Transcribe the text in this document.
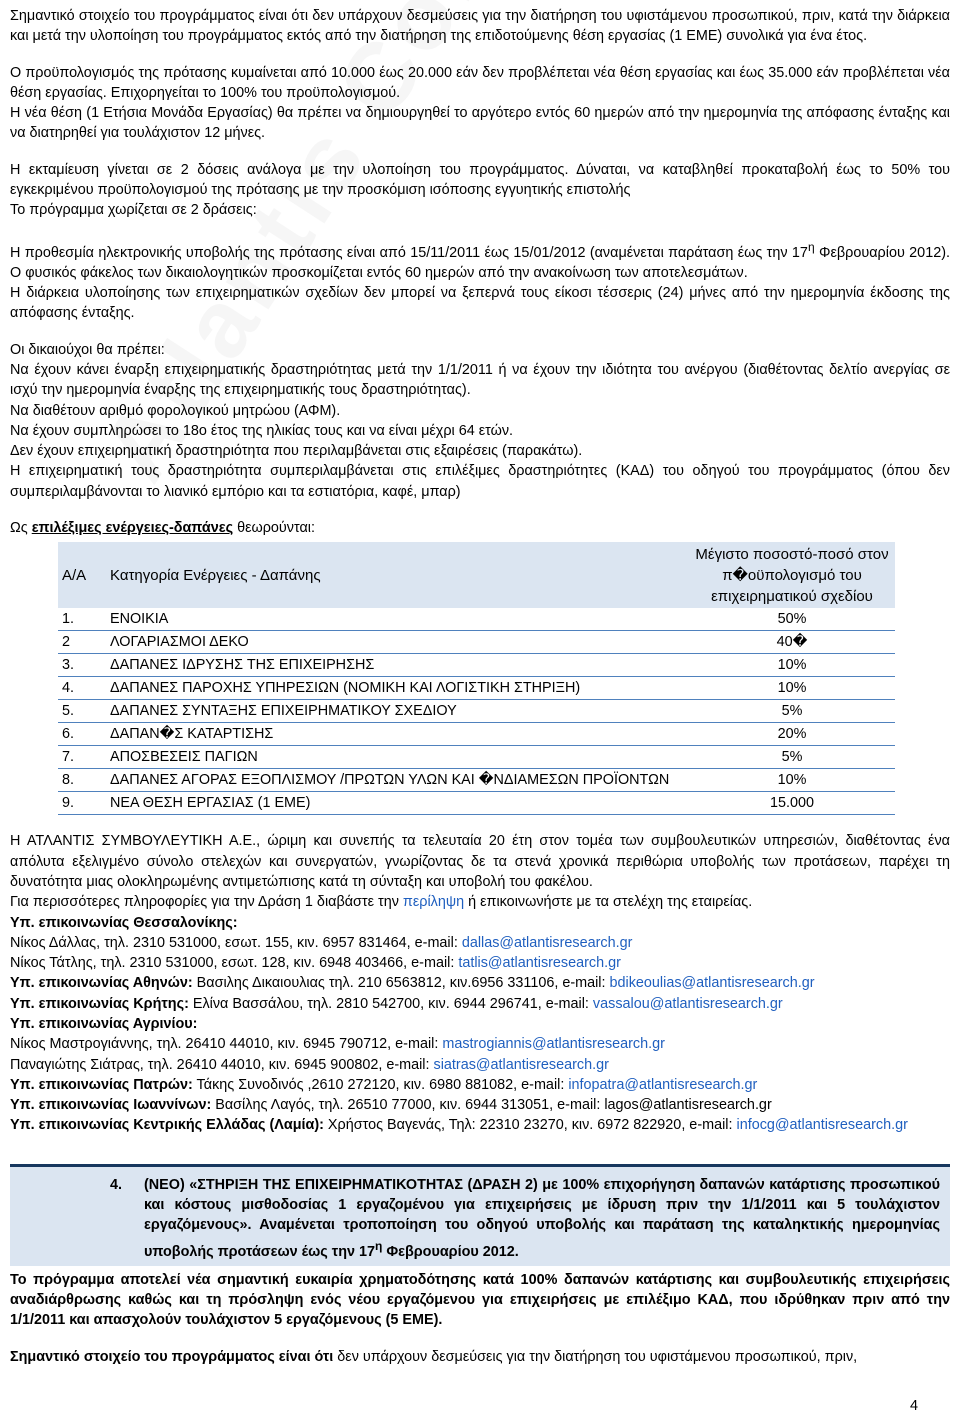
Σημαντικό στοιχείο του προγράμματος είναι ότι δεν υπάρχουν δεσμεύσεις για την διατήρηση του υφιστάμενου προσωπικού, πριν, κατά την διάρκεια και μετά την υλοποίηση του προγράμματος εκτός από την διατήρηση της επιδοτούμενης θέση εργασίας (1 ΕΜΕ) συνολικά για ένα έτος.

Ο προϋπολογισμός της πρότασης κυμαίνεται από 10.000 έως 20.000 εάν δεν προβλέπεται νέα θέση εργασίας και έως 35.000 εάν προβλέπεται νέα θέση εργασίας. Επιχορηγείται το 100% του προϋπολογισμού.

Η νέα θέση (1 Ετήσια Μονάδα Εργασίας) θα πρέπει να δημιουργηθεί το αργότερο εντός 60 ημερών από την ημερομηνία της απόφασης ένταξης και να διατηρηθεί για τουλάχιστον 12 μήνες.

Η εκταμίευση γίνεται σε 2 δόσεις ανάλογα με την υλοποίηση του προγράμματος. Δύναται, να καταβληθεί προκαταβολή έως το 50% του εγκεκριμένου προϋπολογισμού της πρότασης με την προσκόμιση ισόποσης εγγυητικής επιστολής

Το πρόγραμμα χωρίζεται σε 2 δράσεις:

Η προθεσμία ηλεκτρονικής υποβολής της πρότασης είναι από 15/11/2011 έως 15/01/2012 (αναμένεται παράταση έως την $17^\eta$ Φεβρουαρίου 2012). Ο φυσικός φάκελος των δικαιολογητικών προσκομίζεται εντός 60 ημερών από την ανακοίνωση των αποτελεσμάτων.

Η διάρκεια υλοποίησης των επιχειρηματικών σχεδίων δεν μπορεί να ξεπερνά τους είκοσι τέσσερις (24) μήνες από την ημερομηνία έκδοσης της απόφασης ένταξης.

Οι δικαιούχοι θα πρέπει:

Να έχουν κάνει έναρξη επιχειρηματικής δραστηριότητας μετά την 1/1/2011 ή να έχουν την ιδιότητα του ανέργου (διαθέτοντας δελτίο ανεργίας σε ισχύ την ημερομηνία έναρξης της επιχειρηματικής τους δραστηριότητας).

Να διαθέτουν αριθμό φορολογικού μητρώου (ΑΦΜ).

Να έχουν συμπληρώσει το 18ο έτος της ηλικίας τους και να είναι μέχρι 64 ετών.

Δεν έχουν επιχειρηματική δραστηριότητα που περιλαμβάνεται στις εξαιρέσεις (παρακάτω).

Η επιχειρηματική τους δραστηριότητα συμπεριλαμβάνεται στις επιλέξιμες δραστηριότητες (ΚΑΔ) του οδηγού του προγράμματος (όπου δεν συμπεριλαμβάνονται το λιανικό εμπόριο και τα εστιατόρια, καφέ, μπαρ)

Ως επιλέξιμες ενέργειες-δαπάνες θεωρούνται:

Α/Α	Κατηγορία Ενέργειες - Δαπάνης	Μέγιστο ποσοστό-ποσό στον π�οϋπολογισμό του επιχειρηματικού σχεδίου
1.	ΕΝΟΙΚΙΑ	50%
2	ΛΟΓΑΡΙΑΣΜΟΙ ΔΕΚΟ	40�
3.	ΔΑΠΑΝΕΣ ΙΔΡΥΣΗΣ ΤΗΣ ΕΠΙΧΕΙΡΗΣΗΣ	10%
4.	ΔΑΠΑΝΕΣ ΠΑΡΟΧΗΣ ΥΠΗΡΕΣΙΩΝ (ΝΟΜΙΚΗ ΚΑΙ ΛΟΓΙΣΤΙΚΗ ΣΤΗΡΙΞΗ)	10%
5.	ΔΑΠΑΝΕΣ ΣΥΝΤΑΞΗΣ ΕΠΙΧΕΙΡΗΜΑΤΙΚΟΥ ΣΧΕΔΙΟΥ	5%
6.	ΔΑΠΑΝ�Σ ΚΑΤΑΡΤΙΣΗΣ	20%
7.	ΑΠΟΣΒΕΣΕΙΣ ΠΑΓΙΩΝ	5%
8.	ΔΑΠΑΝΕΣ ΑΓΟΡΑΣ ΕΞΟΠΛΙΣΜΟΥ /ΠΡΩΤΩΝ ΥΛΩΝ ΚΑΙ �ΝΔΙΑΜΕΣΩΝ ΠΡΟΪΟΝΤΩΝ	10%
9.	ΝΕΑ ΘΕΣΗ ΕΡΓΑΣΙΑΣ (1 ΕΜΕ)	15.000

Η ΑΤΛΑΝΤΙΣ ΣΥΜΒΟΥΛΕΥΤΙΚΗ Α.Ε., ώριμη και συνεπής τα τελευταία 20 έτη στον τομέα των συμβουλευτικών υπηρεσιών, διαθέτοντας ένα απόλυτα εξελιγμένο σύνολο στελεχών και συνεργατών, γνωρίζοντας δε τα στενά χρονικά περιθώρια υποβολής των προτάσεων, παρέχει τη δυνατότητα μιας ολοκληρωμένης αντιμετώπισης κατά τη σύνταξη και υποβολή του φακέλου.

Για περισσότερες πληροφορίες για την Δράση 1 διαβάστε την περίληψη ή επικοινωνήστε με τα στελέχη της εταιρείας.

Υπ. επικοινωνίας Θεσσαλονίκης:

Νίκος Δάλλας, τηλ. 2310 531000, εσωτ. 155, κιν. 6957 831464, e-mail: dallas@atlantisresearch.gr

Νίκος Τάτλης, τηλ. 2310 531000, εσωτ. 128, κιν. 6948 403466, e-mail: tatlis@atlantisresearch.gr

Υπ. επικοινωνίας Αθηνών: Βασιλης Δικαιουλιας τηλ. 210 6563812, κιν.6956 331106, e-mail: bdikeoulias@atlantisresearch.gr

Υπ. επικοινωνίας Κρήτης: Ελίνα Βασσάλου, τηλ. 2810 542700, κιν. 6944 296741, e-mail: vassalou@atlantisresearch.gr

Υπ. επικοινωνίας Αγρινίου:

Νίκος Μαστρογιάννης, τηλ. 26410 44010, κιν. 6945 790712, e-mail: mastrogiannis@atlantisresearch.gr

Παναγιώτης Σιάτρας, τηλ. 26410 44010, κιν. 6945 900802, e-mail: siatras@atlantisresearch.gr

Υπ. επικοινωνίας Πατρών: Τάκης Συνοδινός ,2610 272120, κιν. 6980 881082, e-mail: infopatra@atlantisresearch.gr

Υπ. επικοινωνίας Ιωαννίνων: Βασίλης Λαγός, τηλ. 26510 77000, κιν. 6944 313051, e-mail: lagos@atlantisresearch.gr

Υπ. επικοινωνίας Κεντρικής Ελλάδας (Λαμία): Χρήστος Βαγενάς, Τηλ: 22310 23270, κιν. 6972 822920, e-mail: infocg@atlantisresearch.gr

4. (ΝΕΟ) «ΣΤΗΡΙΞΗ ΤΗΣ ΕΠΙΧΕΙΡΗΜΑΤΙΚΟΤΗΤΑΣ (ΔΡΑΣΗ 2) με 100% επιχορήγηση δαπανών κατάρτισης προσωπικού και κόστους μισθοδοσίας 1 εργαζομένου για επιχειρήσεις με ίδρυση πριν την 1/1/2011 και 5 τουλάχιστον εργαζόμενους». Αναμένεται τροποποίηση του οδηγού υποβολής και παράταση της καταληκτικής ημερομηνίας υποβολής προτάσεων έως την $17^\eta$ Φεβρουαρίου 2012.

Το πρόγραμμα αποτελεί νέα σημαντική ευκαιρία χρηματοδότησης κατά 100% δαπανών κατάρτισης και συμβουλευτικής επιχειρήσεις αναδιάρθρωσης καθώς και τη πρόσληψη ενός νέου εργαζόμενου για επιχειρήσεις με επιλέξιμο ΚΑΔ, που ιδρύθηκαν πριν από την 1/1/2011 και απασχολούν τουλάχιστον 5 εργαζόμενους (5 ΕΜΕ).

Σημαντικό στοιχείο του προγράμματος είναι ότι δεν υπάρχουν δεσμεύσεις για την διατήρηση του υφιστάμενου προσωπικού, πριν,

4
